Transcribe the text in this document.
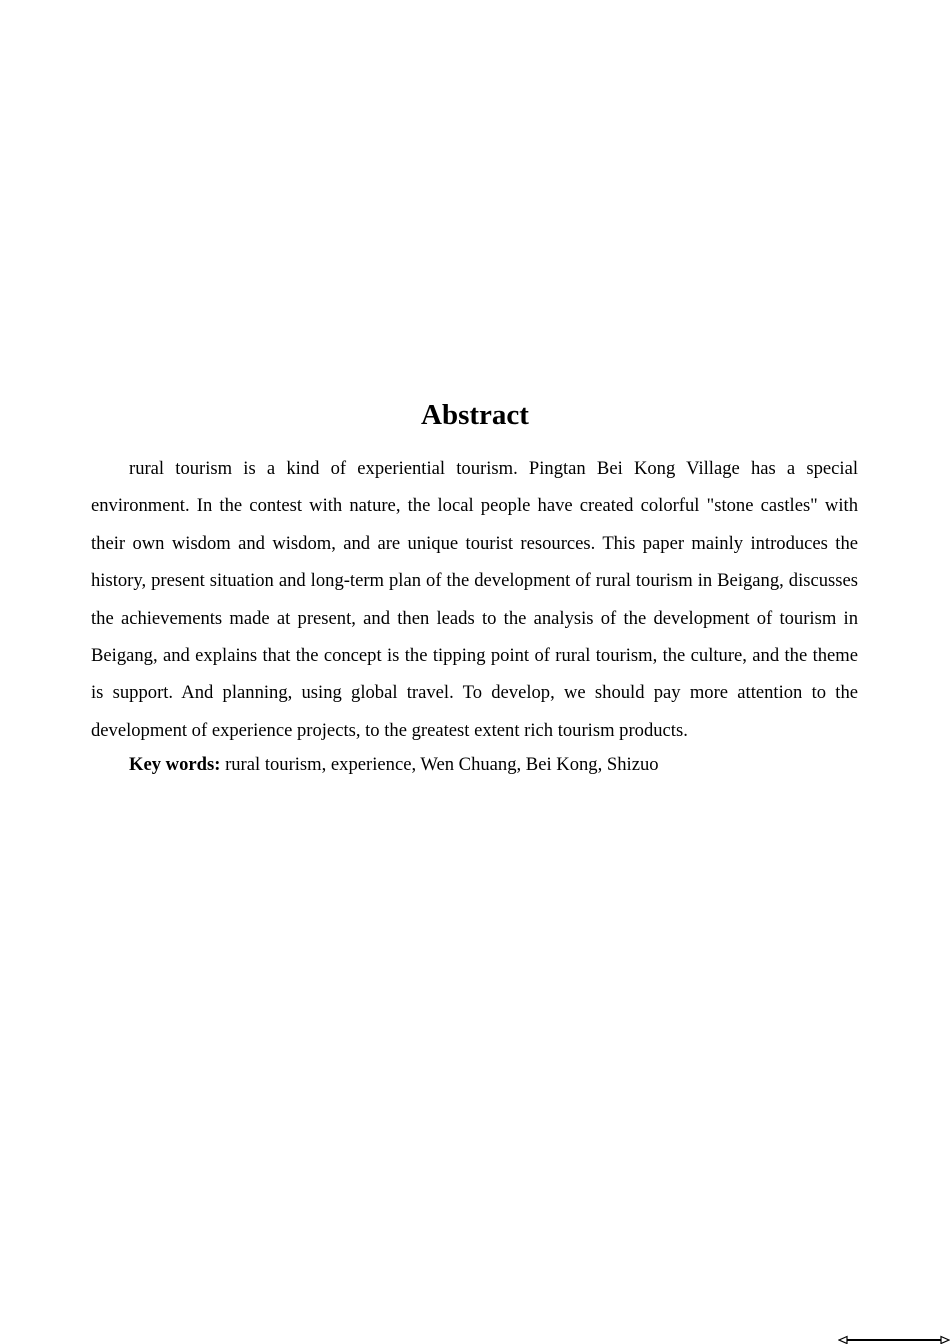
Abstract

rural tourism is a kind of experiential tourism. Pingtan Bei Kong Village has a special environment. In the contest with nature, the local people have created colorful "stone castles" with their own wisdom and wisdom, and are unique tourist resources. This paper mainly introduces the history, present situation and long-term plan of the development of rural tourism in Beigang, discusses the achievements made at present, and then leads to the analysis of the development of tourism in Beigang, and explains that the concept is the tipping point of rural tourism, the culture, and the theme is support. And planning, using global travel. To develop, we should pay more attention to the development of experience projects, to the greatest extent rich tourism products.

Key words: rural tourism, experience, Wen Chuang, Bei Kong, Shizuo
